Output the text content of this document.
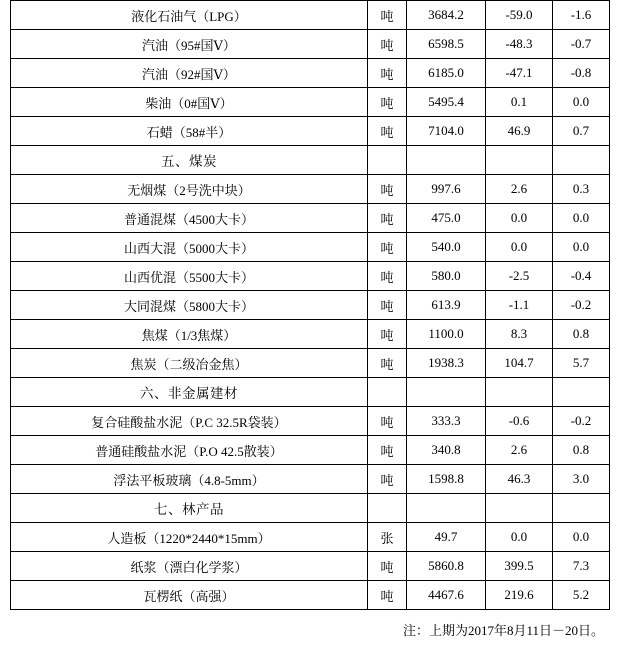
液化石油气（LPG）	吨	3684.2	-59.0	-1.6
汽油（95#国Ⅴ）	吨	6598.5	-48.3	-0.7
汽油（92#国Ⅴ）	吨	6185.0	-47.1	-0.8
柴油（0#国Ⅴ）	吨	5495.4	0.1	0.0
石蜡（58#半）	吨	7104.0	46.9	0.7
五、煤炭				
无烟煤（2号洗中块）	吨	997.6	2.6	0.3
普通混煤（4500大卡）	吨	475.0	0.0	0.0
山西大混（5000大卡）	吨	540.0	0.0	0.0
山西优混（5500大卡）	吨	580.0	-2.5	-0.4
大同混煤（5800大卡）	吨	613.9	-1.1	-0.2
焦煤（1/3焦煤）	吨	1100.0	8.3	0.8
焦炭（二级冶金焦）	吨	1938.3	104.7	5.7
六、非金属建材				
复合硅酸盐水泥（P.C 32.5R袋装）	吨	333.3	-0.6	-0.2
普通硅酸盐水泥（P.O 42.5散装）	吨	340.8	2.6	0.8
浮法平板玻璃（4.8-5mm）	吨	1598.8	46.3	3.0
七、林产品				
人造板（1220*2440*15mm）	张	49.7	0.0	0.0
纸浆（漂白化学浆）	吨	5860.8	399.5	7.3
瓦楞纸（高强）	吨	4467.6	219.6	5.2
注：上期为2017年8月11日－20日。
